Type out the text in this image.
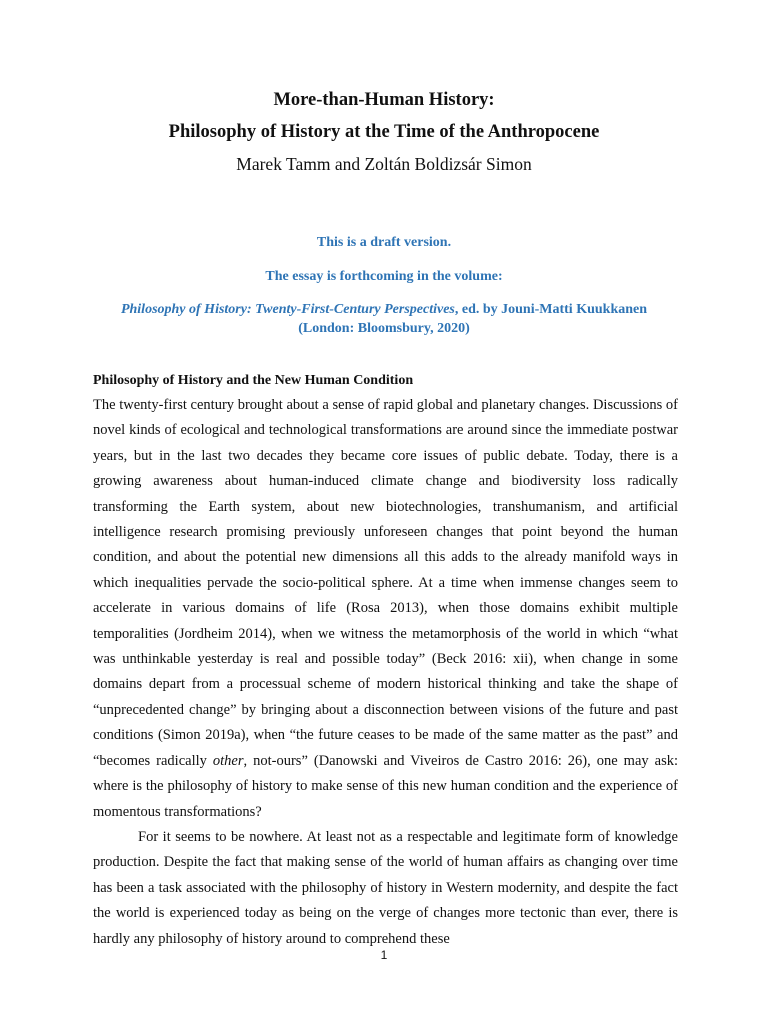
More-than-Human History:
Philosophy of History at the Time of the Anthropocene
Marek Tamm and Zoltán Boldizsár Simon
This is a draft version.
The essay is forthcoming in the volume:
Philosophy of History: Twenty-First-Century Perspectives, ed. by Jouni-Matti Kuukkanen
(London: Bloomsbury, 2020)
Philosophy of History and the New Human Condition

The twenty-first century brought about a sense of rapid global and planetary changes. Discussions of novel kinds of ecological and technological transformations are around since the immediate postwar years, but in the last two decades they became core issues of public debate. Today, there is a growing awareness about human-induced climate change and biodiversity loss radically transforming the Earth system, about new biotechnologies, transhumanism, and artificial intelligence research promising previously unforeseen changes that point beyond the human condition, and about the potential new dimensions all this adds to the already manifold ways in which inequalities pervade the socio-political sphere. At a time when immense changes seem to accelerate in various domains of life (Rosa 2013), when those domains exhibit multiple temporalities (Jordheim 2014), when we witness the metamorphosis of the world in which “what was unthinkable yesterday is real and possible today” (Beck 2016: xii), when change in some domains depart from a processual scheme of modern historical thinking and take the shape of “unprecedented change” by bringing about a disconnection between visions of the future and past conditions (Simon 2019a), when “the future ceases to be made of the same matter as the past” and “becomes radically other, not-ours” (Danowski and Viveiros de Castro 2016: 26), one may ask: where is the philosophy of history to make sense of this new human condition and the experience of momentous transformations?

For it seems to be nowhere. At least not as a respectable and legitimate form of knowledge production. Despite the fact that making sense of the world of human affairs as changing over time has been a task associated with the philosophy of history in Western modernity, and despite the fact the world is experienced today as being on the verge of changes more tectonic than ever, there is hardly any philosophy of history around to comprehend these

1
